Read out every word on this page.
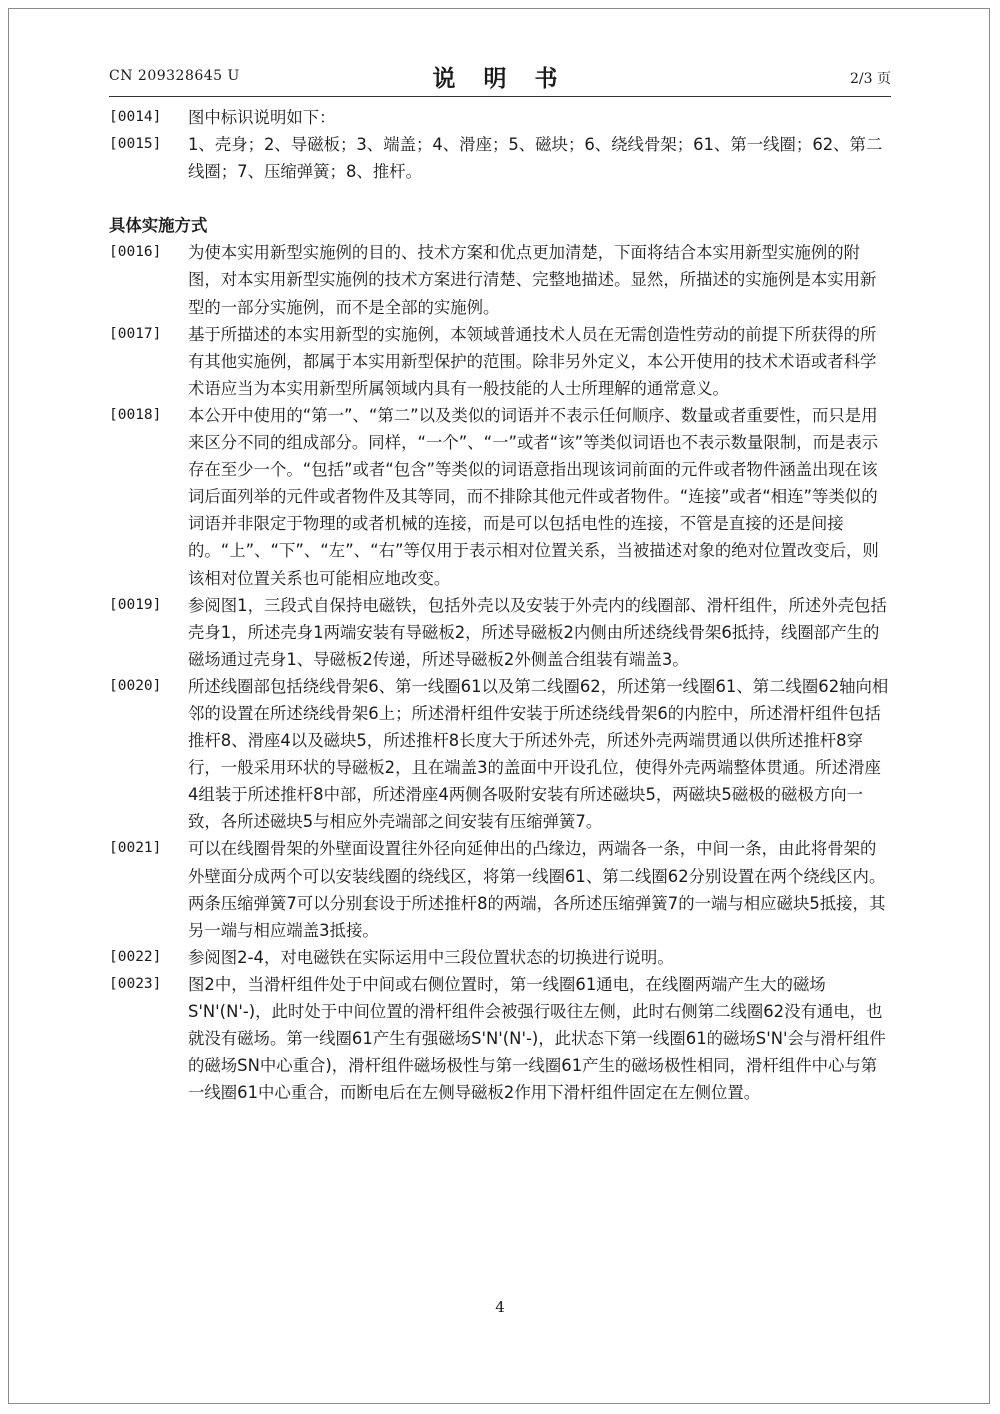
CN 209328645 U	说 明 书	2/3 页
[0014] 图中标识说明如下：
[0015] 1、壳身；2、导磁板；3、端盖；4、滑座；5、磁块；6、绕线骨架；61、第一线圈；62、第二线圈；7、压缩弹簧；8、推杆。
具体实施方式
[0016] 为使本实用新型实施例的目的、技术方案和优点更加清楚，下面将结合本实用新型实施例的附图，对本实用新型实施例的技术方案进行清楚、完整地描述。显然，所描述的实施例是本实用新型的一部分实施例，而不是全部的实施例。
[0017] 基于所描述的本实用新型的实施例，本领域普通技术人员在无需创造性劳动的前提下所获得的所有其他实施例，都属于本实用新型保护的范围。除非另外定义，本公开使用的技术术语或者科学术语应当为本实用新型所属领域内具有一般技能的人士所理解的通常意义。
[0018] 本公开中使用的“第一”、“第二”以及类似的词语并不表示任何顺序、数量或者重要性，而只是用来区分不同的组成部分。同样，“一个”、“一”或者“该”等类似词语也不表示数量限制，而是表示存在至少一个。“包括”或者“包含”等类似的词语意指出现该词前面的元件或者物件涵盖出现在该词后面列举的元件或者物件及其等同，而不排除其他元件或者物件。“连接”或者“相连”等类似的词语并非限定于物理的或者机械的连接，而是可以包括电性的连接，不管是直接的还是间接的。“上”、“下”、“左”、“右”等仅用于表示相对位置关系，当被描述对象的绝对位置改变后，则该相对位置关系也可能相应地改变。
[0019] 参阅图1，三段式自保持电磁铁，包括外壳以及安装于外壳内的线圈部、滑杆组件，所述外壳包括壳身1，所述壳身1两端安装有导磁板2，所述导磁板2内侧由所述绕线骨架6抵持，线圈部产生的磁场通过壳身1、导磁板2传递，所述导磁板2外侧盖合组装有端盖3。
[0020] 所述线圈部包括绕线骨架6、第一线圈61以及第二线圈62，所述第一线圈61、第二线圈62轴向相邻的设置在所述绕线骨架6上；所述滑杆组件安装于所述绕线骨架6的内腔中，所述滑杆组件包括推杆8、滑座4以及磁块5，所述推杆8长度大于所述外壳，所述外壳两端贯通以供所述推杆8穿行，一般采用环状的导磁板2，且在端盖3的盖面中开设孔位，使得外壳两端整体贯通。所述滑座4组装于所述推杆8中部，所述滑座4两侧各吸附安装有所述磁块5，两磁块5磁极的磁极方向一致，各所述磁块5与相应外壳端部之间安装有压缩弹簧7。
[0021] 可以在线圈骨架的外壁面设置往外径向延伸出的凸缘边，两端各一条，中间一条，由此将骨架的外壁面分成两个可以安装线圈的绕线区，将第一线圈61、第二线圈62分别设置在两个绕线区内。两条压缩弹簧7可以分别套设于所述推杆8的两端，各所述压缩弹簧7的一端与相应磁块5抵接，其另一端与相应端盖3抵接。
[0022] 参阅图2-4，对电磁铁在实际运用中三段位置状态的切换进行说明。
[0023] 图2中，当滑杆组件处于中间或右侧位置时，第一线圈61通电，在线圈两端产生大的磁场S'N'(N'-)，此时处于中间位置的滑杆组件会被强行吸往左侧，此时右侧第二线圈62没有通电，也就没有磁场。第一线圈61产生有强磁场S'N'(N'-)，此状态下第一线圈61的磁场S'N'会与滑杆组件的磁场SN中心重合)，滑杆组件磁场极性与第一线圈61产生的磁场极性相同，滑杆组件中心与第一线圈61中心重合，而断电后在左侧导磁板2作用下滑杆组件固定在左侧位置。
4
